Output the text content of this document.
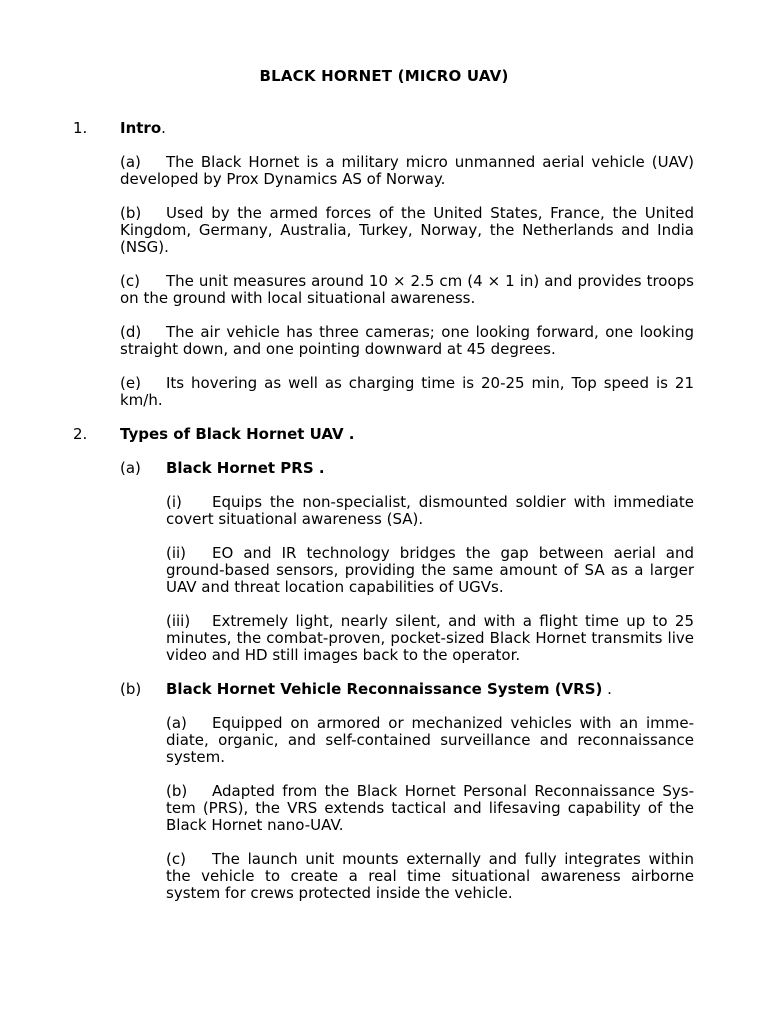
BLACK HORNET (MICRO UAV)
1. Intro.
(a) The Black Hornet is a military micro unmanned aerial vehicle (UAV) developed by Prox Dynamics AS of Norway.
(b) Used by the armed forces of the United States, France, the United Kingdom, Germany, Australia, Turkey, Norway, the Netherlands and India (NSG).
(c) The unit measures around 10 × 2.5 cm (4 × 1 in) and provides troops on the ground with local situational awareness.
(d) The air vehicle has three cameras; one looking forward, one looking straight down, and one pointing downward at 45 degrees.
(e) Its hovering as well as charging time is 20-25 min, Top speed is 21 km/h.
2. Types of Black Hornet UAV .
(a) Black Hornet PRS .
(i) Equips the non-specialist, dismounted soldier with immediate covert situational awareness (SA).
(ii) EO and IR technology bridges the gap between aerial and ground-based sensors, providing the same amount of SA as a larger UAV and threat location capabilities of UGVs.
(iii) Extremely light, nearly silent, and with a flight time up to 25 minutes, the combat-proven, pocket-sized Black Hornet transmits live video and HD still images back to the operator.
(b) Black Hornet Vehicle Reconnaissance System (VRS) .
(a) Equipped on armored or mechanized vehicles with an imme-diate, organic, and self-contained surveillance and reconnaissance system.
(b) Adapted from the Black Hornet Personal Reconnaissance Sys-tem (PRS), the VRS extends tactical and lifesaving capability of the Black Hornet nano-UAV.
(c) The launch unit mounts externally and fully integrates within the vehicle to create a real time situational awareness airborne system for crews protected inside the vehicle.
